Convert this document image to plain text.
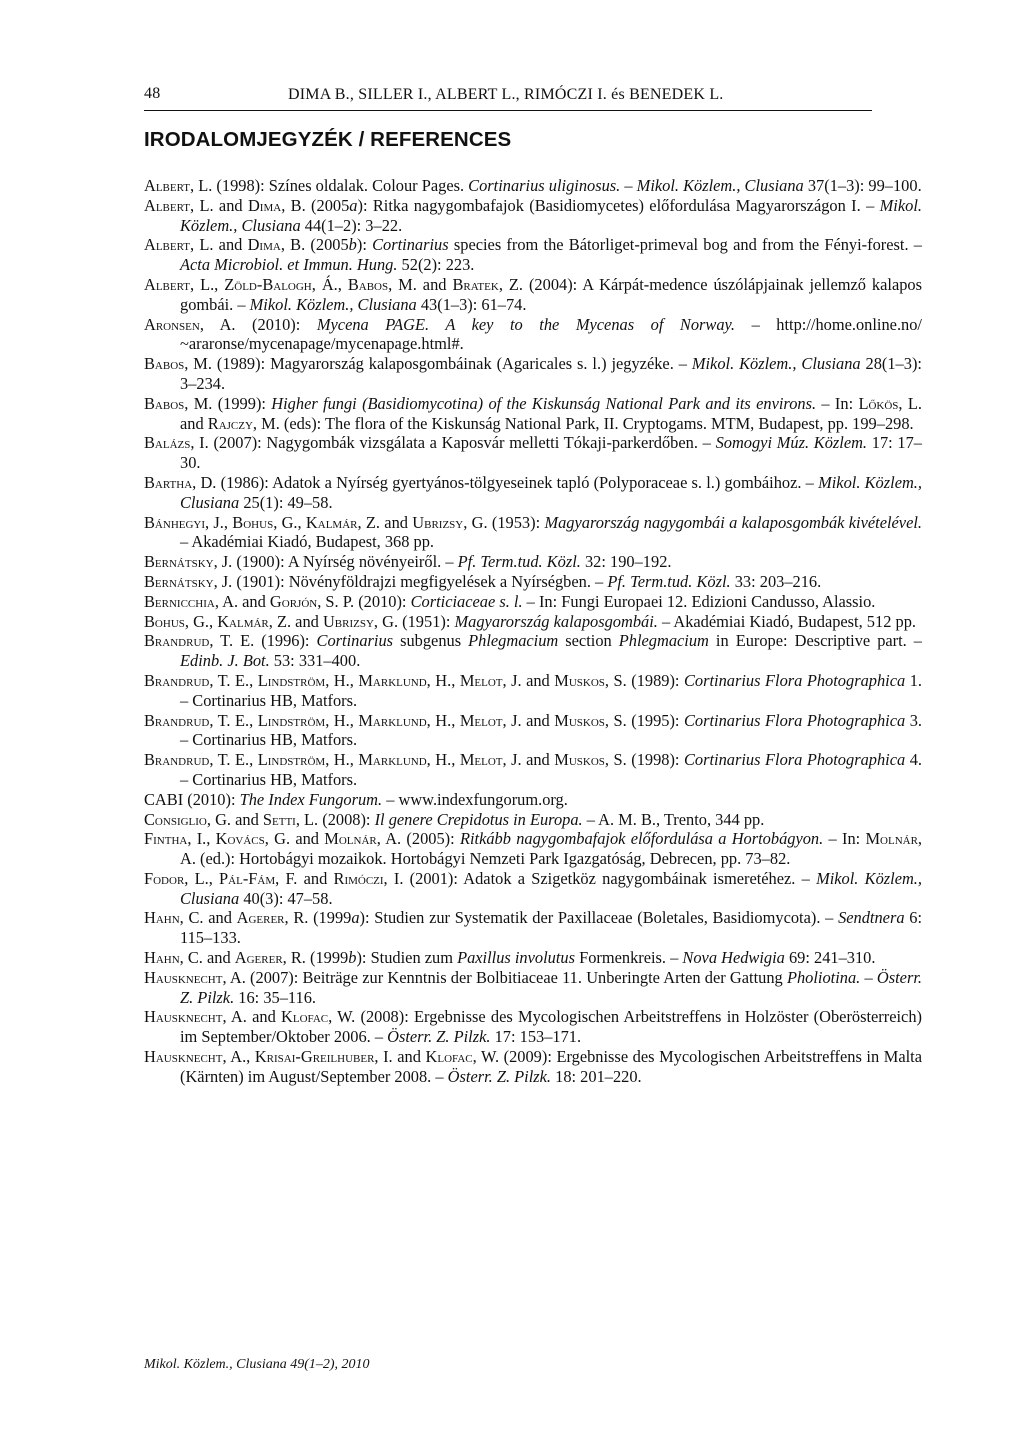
48	DIMA B., SILLER I., ALBERT L., RIMÓCZI I. és BENEDEK L.
IRODALOMJEGYZÉK / REFERENCES

Albert, L. (1998): Színes oldalak. Colour Pages. Cortinarius uliginosus. – Mikol. Közlem., Clusiana 37(1–3): 99–100.

Albert, L. and Dima, B. (2005a): Ritka nagygombafajok (Basidiomycetes) előfordulása Magyarországon I. – Mikol. Közlem., Clusiana 44(1–2): 3–22.

Albert, L. and Dima, B. (2005b): Cortinarius species from the Bátorliget-primeval bog and from the Fényi-forest. – Acta Microbiol. et Immun. Hung. 52(2): 223.

Albert, L., Zöld-Balogh, Á., Babos, M. and Bratek, Z. (2004): A Kárpát-medence úszólápjainak jellemző kalapos gombái. – Mikol. Közlem., Clusiana 43(1–3): 61–74.

Aronsen, A. (2010): Mycena PAGE. A key to the Mycenas of Norway. – http://home.online.no/ ~araronse/mycenapage/mycenapage.html#.

Babos, M. (1989): Magyarország kalaposgombáinak (Agaricales s. l.) jegyzéke. – Mikol. Közlem., Clusiana 28(1–3): 3–234.

Babos, M. (1999): Higher fungi (Basidiomycotina) of the Kiskunság National Park and its environs. – In: Lőkös, L. and Rajczy, M. (eds): The flora of the Kiskunság National Park, II. Cryptogams. MTM, Budapest, pp. 199–298.

Balázs, I. (2007): Nagygombák vizsgálata a Kaposvár melletti Tókaji-parkerdőben. – Somogyi Múz. Közlem. 17: 17–30.

Bartha, D. (1986): Adatok a Nyírség gyertyános-tölgyeseinek tapló (Polyporaceae s. l.) gombáihoz. – Mikol. Közlem., Clusiana 25(1): 49–58.

Bánhegyi, J., Bohus, G., Kalmár, Z. and Ubrizsy, G. (1953): Magyarország nagygombái a kalaposgombák kivételével. – Akadémiai Kiadó, Budapest, 368 pp.

Bernátsky, J. (1900): A Nyírség növényeiről. – Pf. Term.tud. Közl. 32: 190–192.

Bernátsky, J. (1901): Növényföldrajzi megfigyelések a Nyírségben. – Pf. Term.tud. Közl. 33: 203–216.

Bernicchia, A. and Gorjón, S. P. (2010): Corticiaceae s. l. – In: Fungi Europaei 12. Edizioni Candusso, Alassio.

Bohus, G., Kalmár, Z. and Ubrizsy, G. (1951): Magyarország kalaposgombái. – Akadémiai Kiadó, Budapest, 512 pp.

Brandrud, T. E. (1996): Cortinarius subgenus Phlegmacium section Phlegmacium in Europe: Descriptive part. – Edinb. J. Bot. 53: 331–400.

Brandrud, T. E., Lindström, H., Marklund, H., Melot, J. and Muskos, S. (1989): Cortinarius Flora Photographica 1. – Cortinarius HB, Matfors.

Brandrud, T. E., Lindström, H., Marklund, H., Melot, J. and Muskos, S. (1995): Cortinarius Flora Photographica 3. – Cortinarius HB, Matfors.

Brandrud, T. E., Lindström, H., Marklund, H., Melot, J. and Muskos, S. (1998): Cortinarius Flora Photographica 4. – Cortinarius HB, Matfors.

CABI (2010): The Index Fungorum. – www.indexfungorum.org.

Consiglio, G. and Setti, L. (2008): Il genere Crepidotus in Europa. – A. M. B., Trento, 344 pp.

Fintha, I., Kovács, G. and Molnár, A. (2005): Ritkább nagygombafajok előfordulása a Hortobágyon. – In: Molnár, A. (ed.): Hortobágyi mozaikok. Hortobágyi Nemzeti Park Igazgatóság, Debrecen, pp. 73–82.

Fodor, L., Pál-Fám, F. and Rimóczi, I. (2001): Adatok a Szigetköz nagygombáinak ismeretéhez. – Mikol. Közlem., Clusiana 40(3): 47–58.

Hahn, C. and Agerer, R. (1999a): Studien zur Systematik der Paxillaceae (Boletales, Basidiomycota). – Sendtnera 6: 115–133.

Hahn, C. and Agerer, R. (1999b): Studien zum Paxillus involutus Formenkreis. – Nova Hedwigia 69: 241–310.

Hausknecht, A. (2007): Beiträge zur Kenntnis der Bolbitiaceae 11. Unberingte Arten der Gattung Pholiotina. – Österr. Z. Pilzk. 16: 35–116.

Hausknecht, A. and Klofac, W. (2008): Ergebnisse des Mycologischen Arbeitstreffens in Holzöster (Oberösterreich) im September/Oktober 2006. – Österr. Z. Pilzk. 17: 153–171.

Hausknecht, A., Krisai-Greilhuber, I. and Klofac, W. (2009): Ergebnisse des Mycologischen Arbeitstreffens in Malta (Kärnten) im August/September 2008. – Österr. Z. Pilzk. 18: 201–220.

Mikol. Közlem., Clusiana 49(1–2), 2010
